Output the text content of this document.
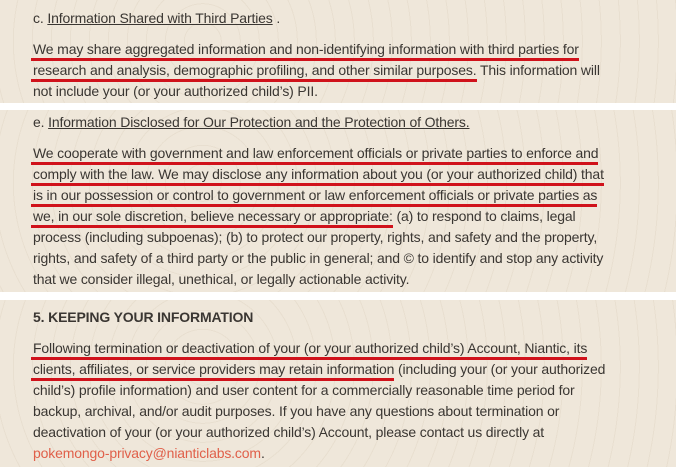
c. Information Shared with Third Parties .
We may share aggregated information and non-identifying information with third parties for
research and analysis, demographic profiling, and other similar purposes. This information will
not include your (or your authorized child’s) PII.
e. Information Disclosed for Our Protection and the Protection of Others.
We cooperate with government and law enforcement officials or private parties to enforce and
comply with the law. We may disclose any information about you (or your authorized child) that
is in our possession or control to government or law enforcement officials or private parties as
we, in our sole discretion, believe necessary or appropriate: (a) to respond to claims, legal
process (including subpoenas); (b) to protect our property, rights, and safety and the property,
rights, and safety of a third party or the public in general; and © to identify and stop any activity
that we consider illegal, unethical, or legally actionable activity.
5. KEEPING YOUR INFORMATION
Following termination or deactivation of your (or your authorized child’s) Account, Niantic, its
clients, affiliates, or service providers may retain information (including your (or your authorized
child’s) profile information) and user content for a commercially reasonable time period for
backup, archival, and/or audit purposes. If you have any questions about termination or
deactivation of your (or your authorized child’s) Account, please contact us directly at
pokemongo-privacy@nianticlabs.com.
